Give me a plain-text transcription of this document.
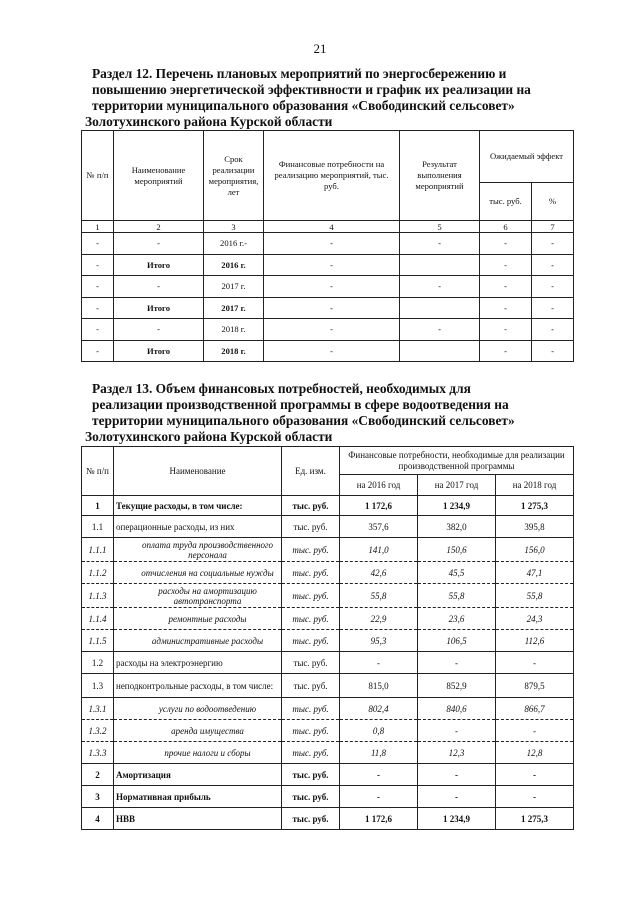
21
Раздел 12. Перечень плановых мероприятий по энергосбережению и
повышению энергетической эффективности и график их реализации на
территории муниципального образования «Свободинский сельсовет»
Золотухинского района Курской области
№ п/п	Наименование мероприятий	Срок реализации мероприятия, лет	Финансовые потребности на реализацию мероприятий, тыс. руб.	Результат выполнения мероприятий	Ожидаемый эффект	
					тыс. руб.	%
1	2	3	4	5	6	7
-	-	2016 г.-	-	-	-	-
-	Итого	2016 г.	-		-	-
-	-	2017 г.	-	-	-	-
-	Итого	2017 г.	-		-	-
-	-	2018 г.	-	-	-	-
-	Итого	2018 г.	-		-	-
Раздел 13. Объем финансовых потребностей, необходимых для
реализации производственной программы в сфере водоотведения на
территории муниципального образования «Свободинский сельсовет»
Золотухинского района Курской области
№ п/п	Наименование	Ед. изм.	Финансовые потребности, необходимые для реализации производственной программы		
			на 2016 год	на 2017 год	на 2018 год
1	Текущие расходы, в том числе:	тыс. руб.	1 172,6	1 234,9	1 275,3
1.1	операционные расходы, из них	тыс. руб.	357,6	382,0	395,8
1.1.1	оплата труда производственного персонала	тыс. руб.	141,0	150,6	156,0
1.1.2	отчисления на социальные нужды	тыс. руб.	42,6	45,5	47,1
1.1.3	расходы на амортизацию автотранспорта	тыс. руб.	55,8	55,8	55,8
1.1.4	ремонтные расходы	тыс. руб.	22,9	23,6	24,3
1.1.5	административные расходы	тыс. руб.	95,3	106,5	112,6
1.2	расходы на электроэнергию	тыс. руб.	-	-	-
1.3	неподконтрольные расходы, в том числе:	тыс. руб.	815,0	852,9	879,5
1.3.1	услуги по водоотведению	тыс. руб.	802,4	840,6	866,7
1.3.2	аренда имущества	тыс. руб.	0,8	-	-
1.3.3	прочие налоги и сборы	тыс. руб.	11,8	12,3	12,8
2	Амортизация	тыс. руб.	-	-	-
3	Нормативная прибыль	тыс. руб.	-	-	-
4	НВВ	тыс. руб.	1 172,6	1 234,9	1 275,3
